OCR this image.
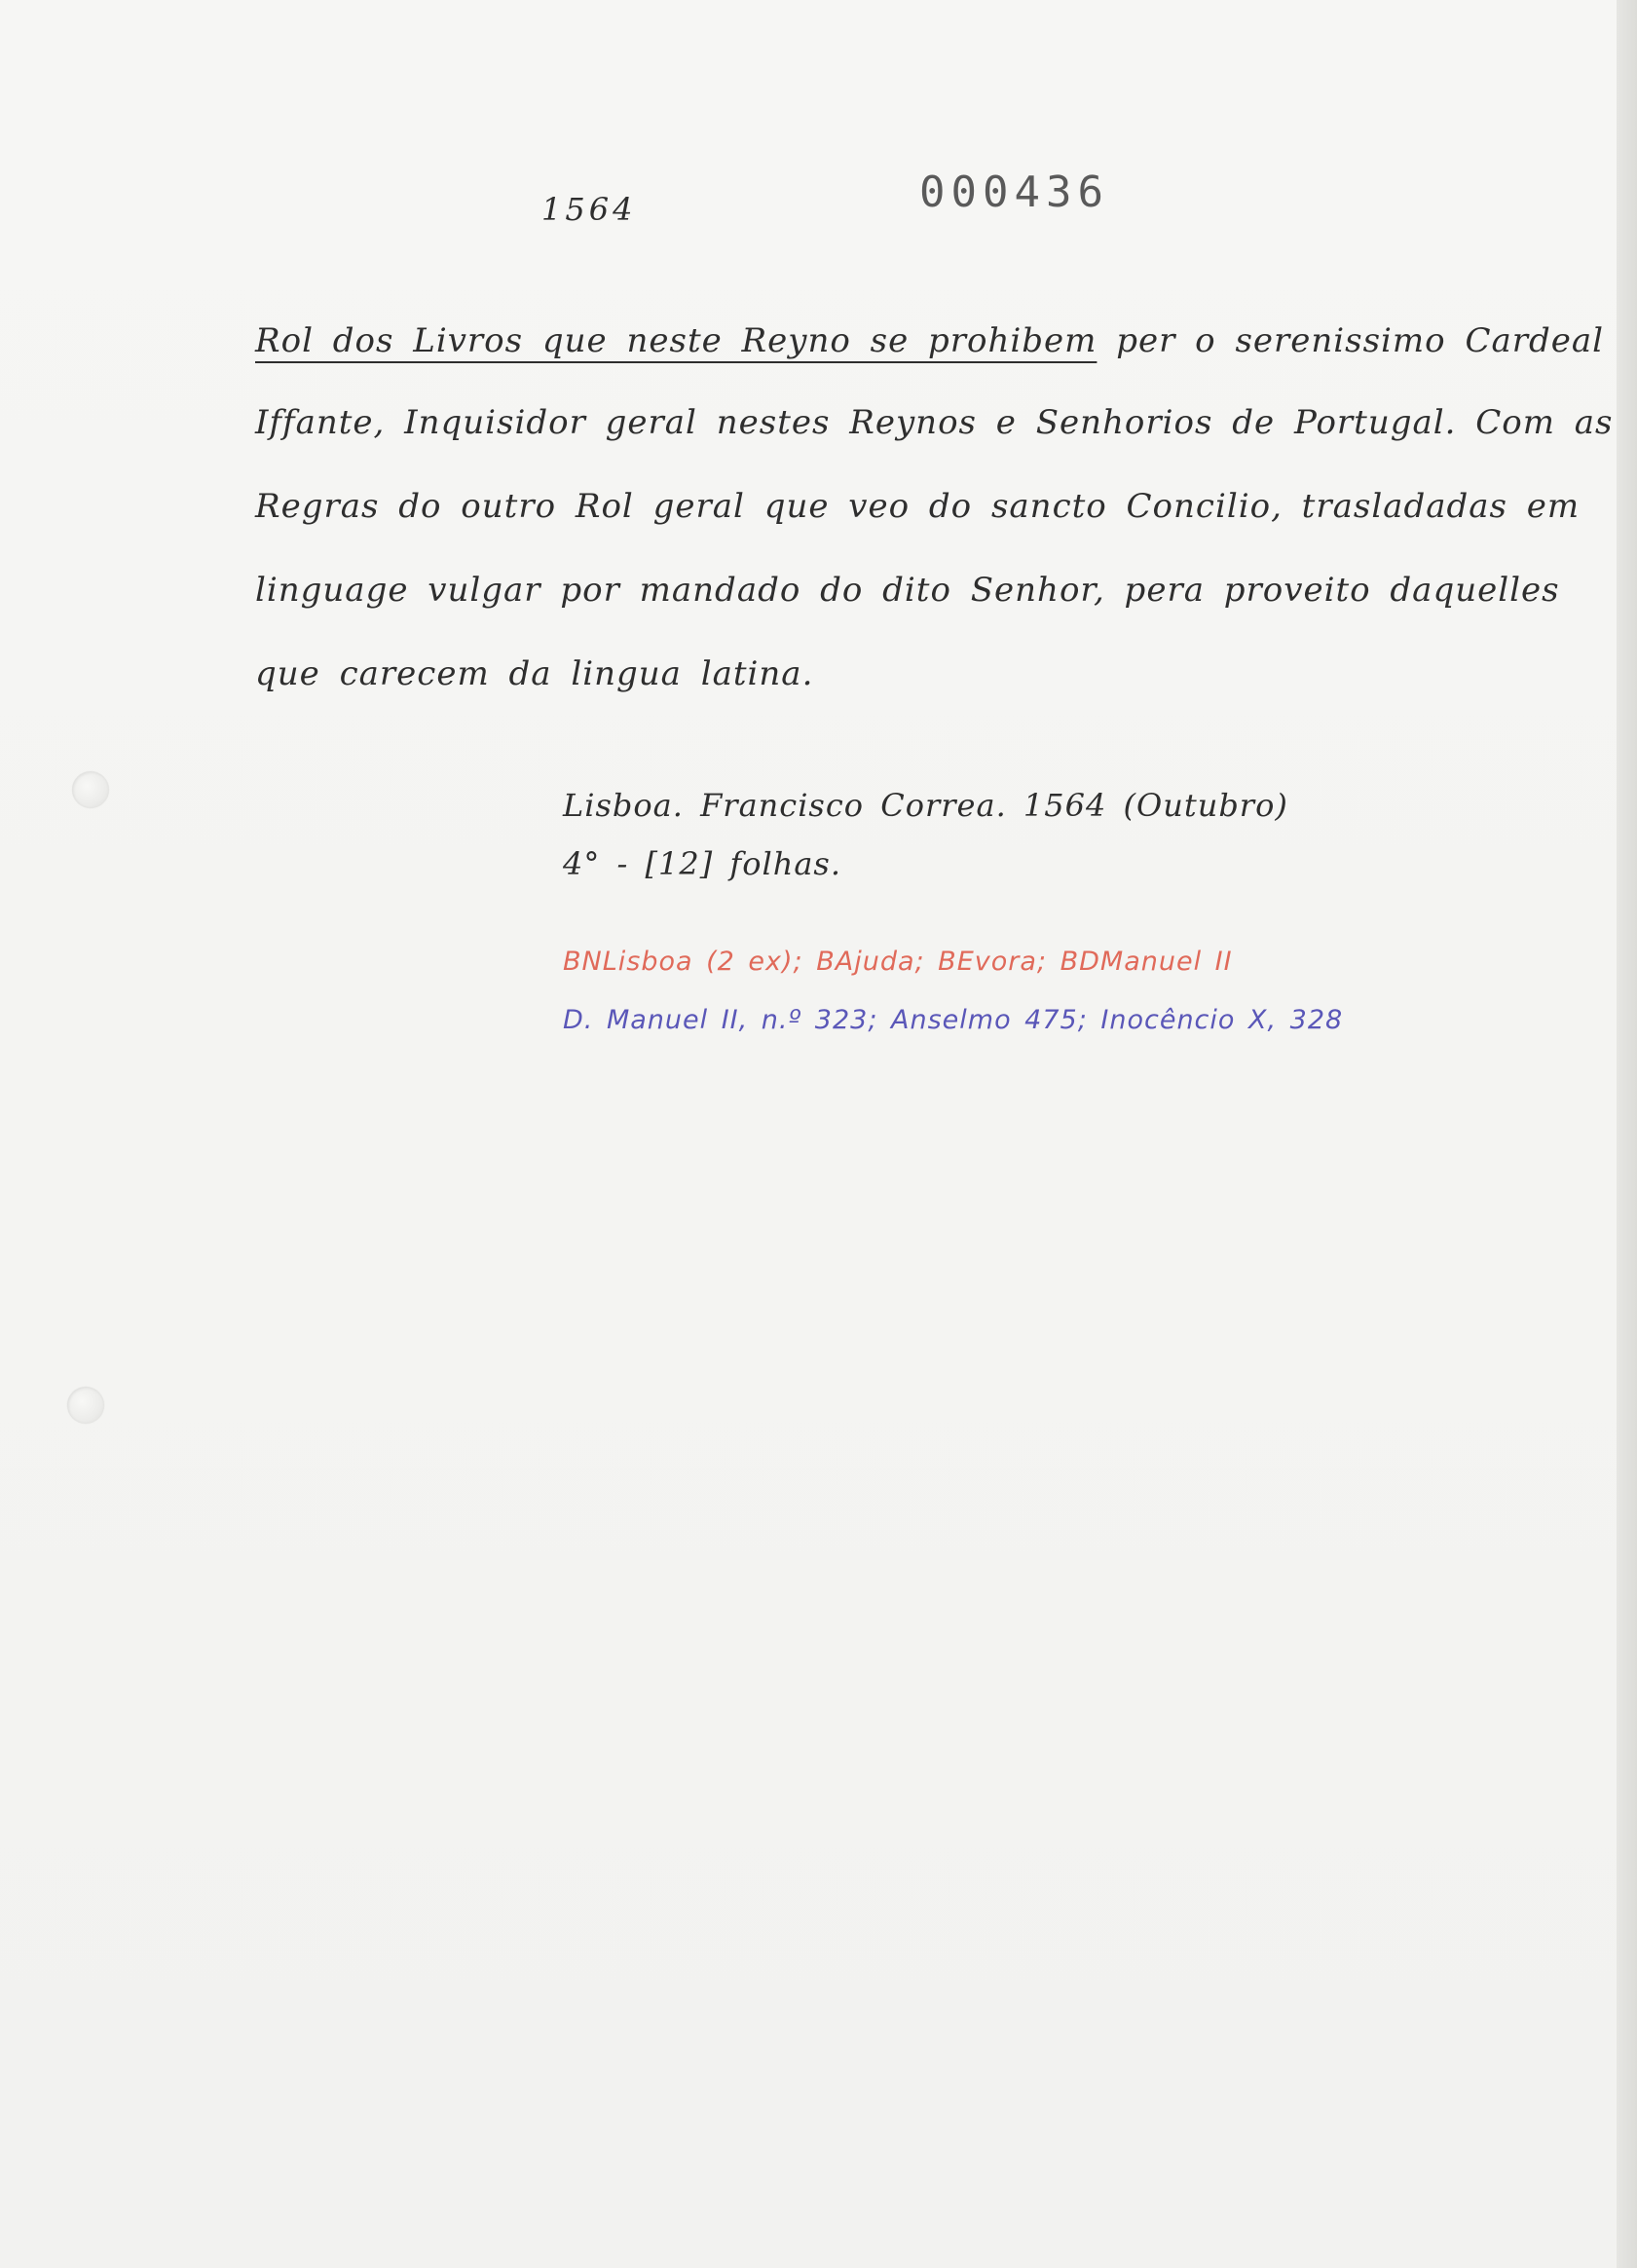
000436
1564
Rol dos Livros que neste Reyno se prohibem per o serenissimo Cardeal
Iffante, Inquisidor geral nestes Reynos e Senhorios de Portugal. Com as
Regras do outro Rol geral que veo do sancto Concilio, trasladadas em
linguage vulgar por mandado do dito Senhor, pera proveito daquelles
que carecem da lingua latina.
Lisboa. Francisco Correa. 1564 (Outubro)
4° - [12] folhas.
BNLisboa (2 ex); BAjuda; BEvora; BDManuel II
D. Manuel II, n.º 323; Anselmo 475; Inocêncio X, 328
